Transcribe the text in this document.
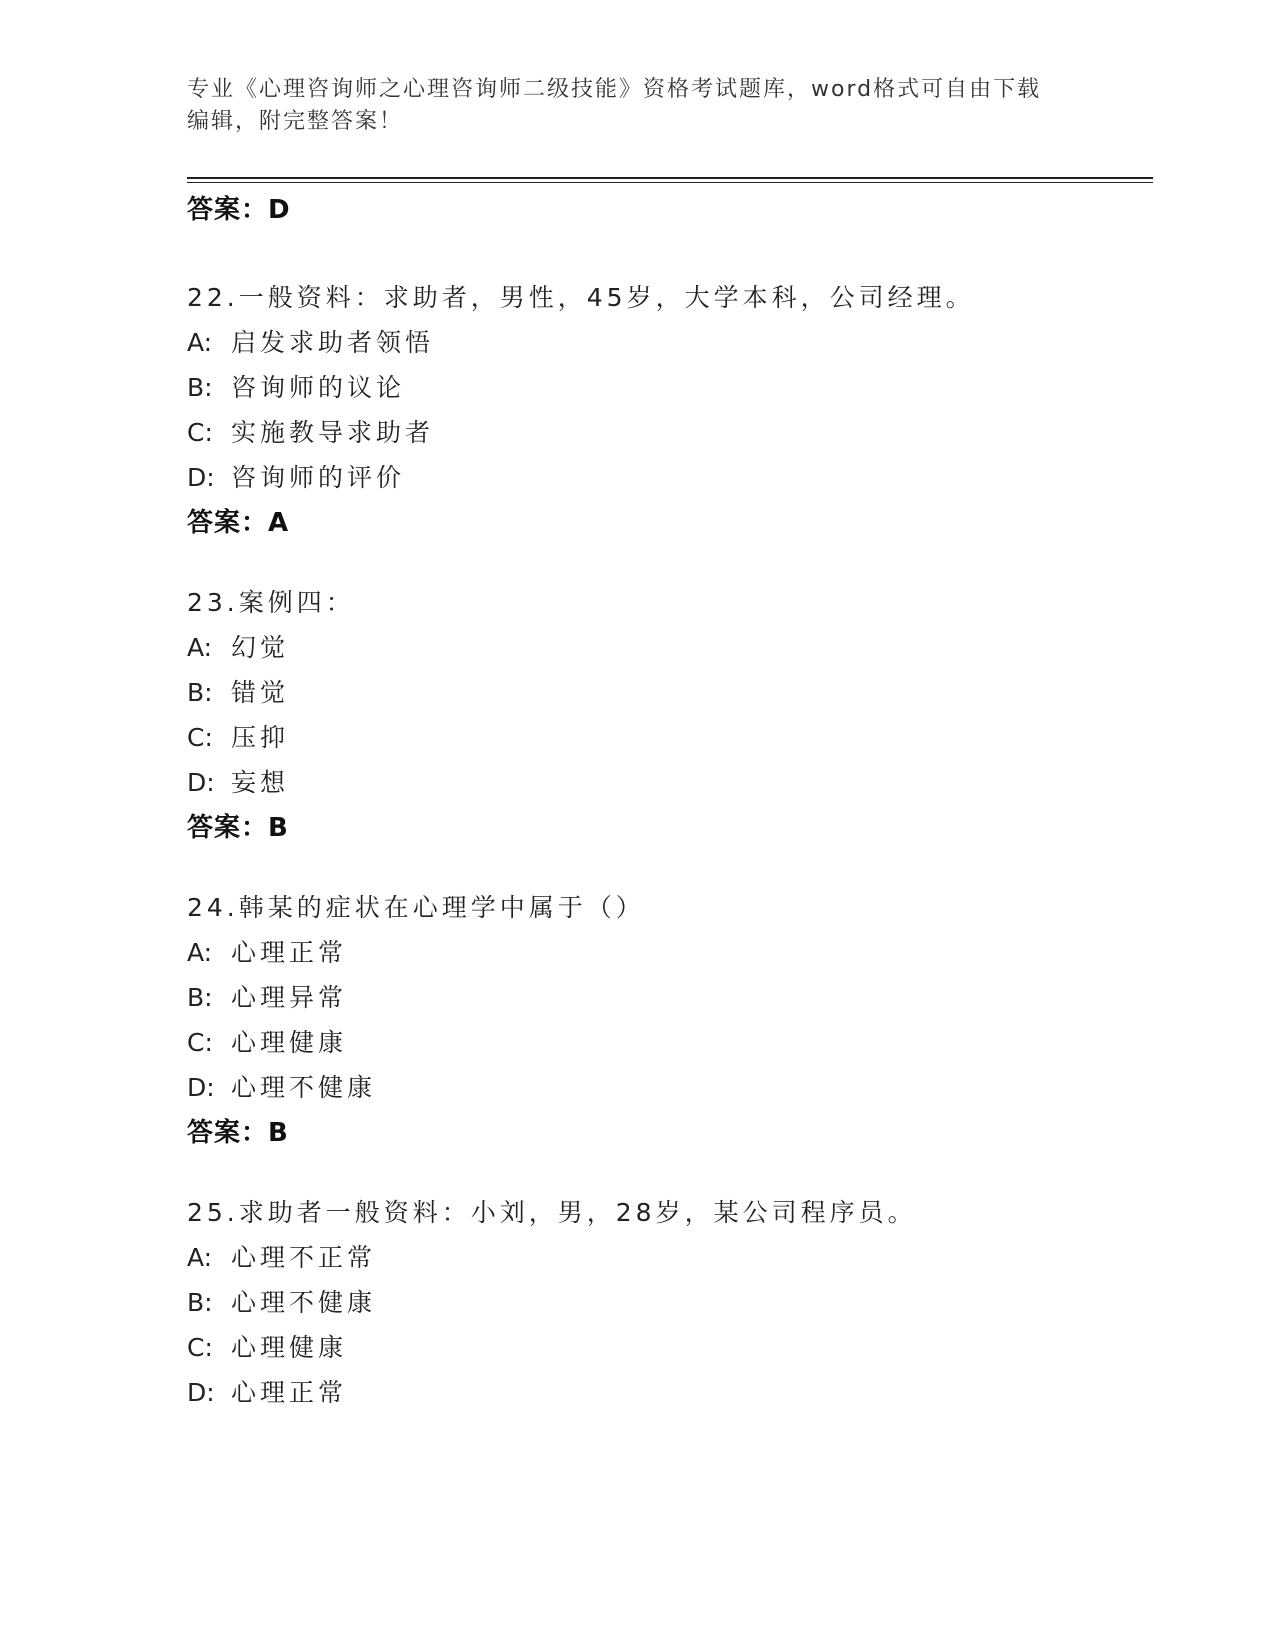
专业《心理咨询师之心理咨询师二级技能》资格考试题库，word格式可自由下载
编辑，附完整答案！
答案：D
22.一般资料：求助者，男性，45岁，大学本科，公司经理。
A: 启发求助者领悟
B: 咨询师的议论
C: 实施教导求助者
D: 咨询师的评价
答案：A
23.案例四：
A: 幻觉
B: 错觉
C: 压抑
D: 妄想
答案：B
24.韩某的症状在心理学中属于（）
A: 心理正常
B: 心理异常
C: 心理健康
D: 心理不健康
答案：B
25.求助者一般资料：小刘，男，28岁，某公司程序员。
A: 心理不正常
B: 心理不健康
C: 心理健康
D: 心理正常
